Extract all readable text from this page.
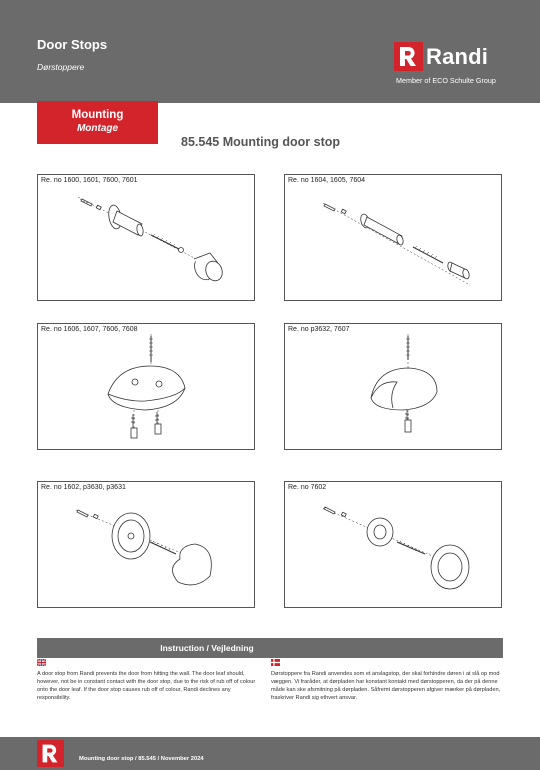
Door Stops
Dørstoppere	Randi
Member of ECO Schulte Group
Mounting
Montage
85.545 Mounting door stop
Re. no 1600, 1601, 7600, 7601	Re. no 1604, 1605, 7604
Re. no 1606, 1607, 7606, 7608	Re. no p3632, 7607
Re. no 1602, p3630, p3631	Re. no 7602
Instruction / Vejledning
A door stop from Randi prevents the door from hitting the wall. The door leaf should, however, not be in constant contact with the door stop, due to the risk of rub off of colour onto the door leaf. If the door stop causes rub off of colour, Randi declines any responsibility.
Dørstoppere fra Randi anvendes som et anslagstop, der skal forhindre døren i at slå op mod væggen. Vi fraråder, at dørpladen har konstant kontakt med dørstopperen, da der på denne måde kan ske afsmitning på dørpladen. Såfremt dørstopperen afgiver mærker på dørpladen, fraskriver Randi sig ethvert ansvar.
Mounting door stop / 85.545 / November 2024
